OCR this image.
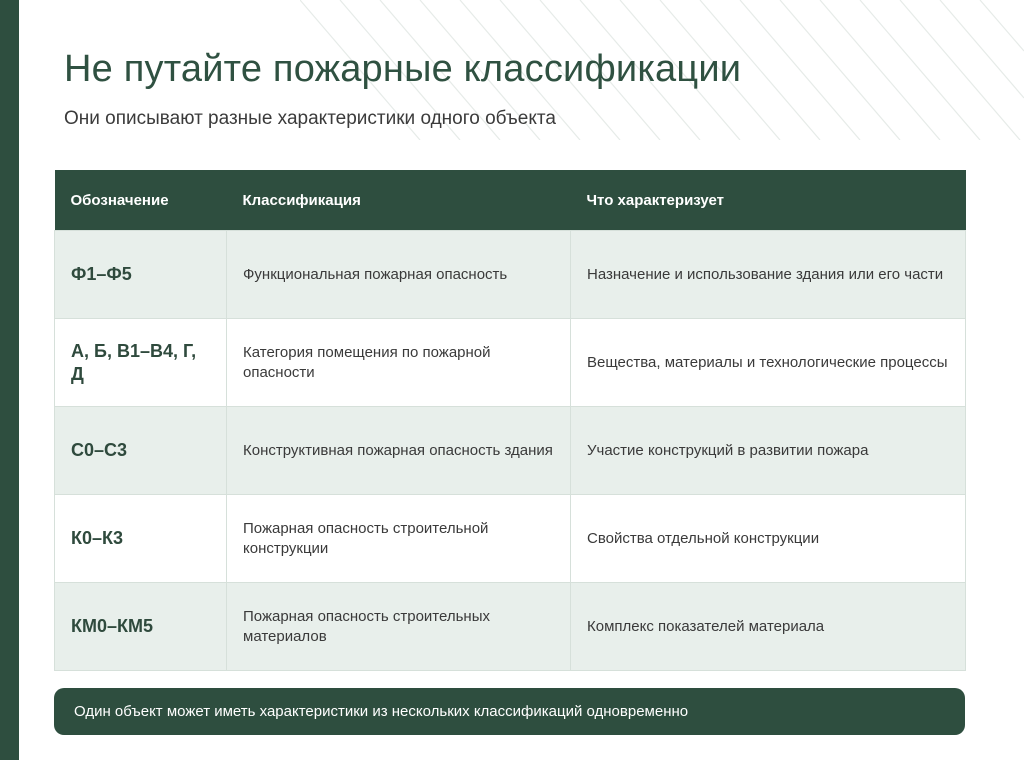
Не путайте пожарные классификации

Они описывают разные характеристики одного объекта

Обозначение	Классификация	Что характеризует
Ф1–Ф5	Функциональная пожарная опасность	Назначение и использование здания или его части
А, Б, В1–В4, Г, Д	Категория помещения по пожарной опасности	Вещества, материалы и технологические процессы
С0–С3	Конструктивная пожарная опасность здания	Участие конструкций в развитии пожара
К0–К3	Пожарная опасность строительной конструкции	Свойства отдельной конструкции
КМ0–КМ5	Пожарная опасность строительных материалов	Комплекс показателей материала
Один объект может иметь характеристики из нескольких классификаций одновременно
